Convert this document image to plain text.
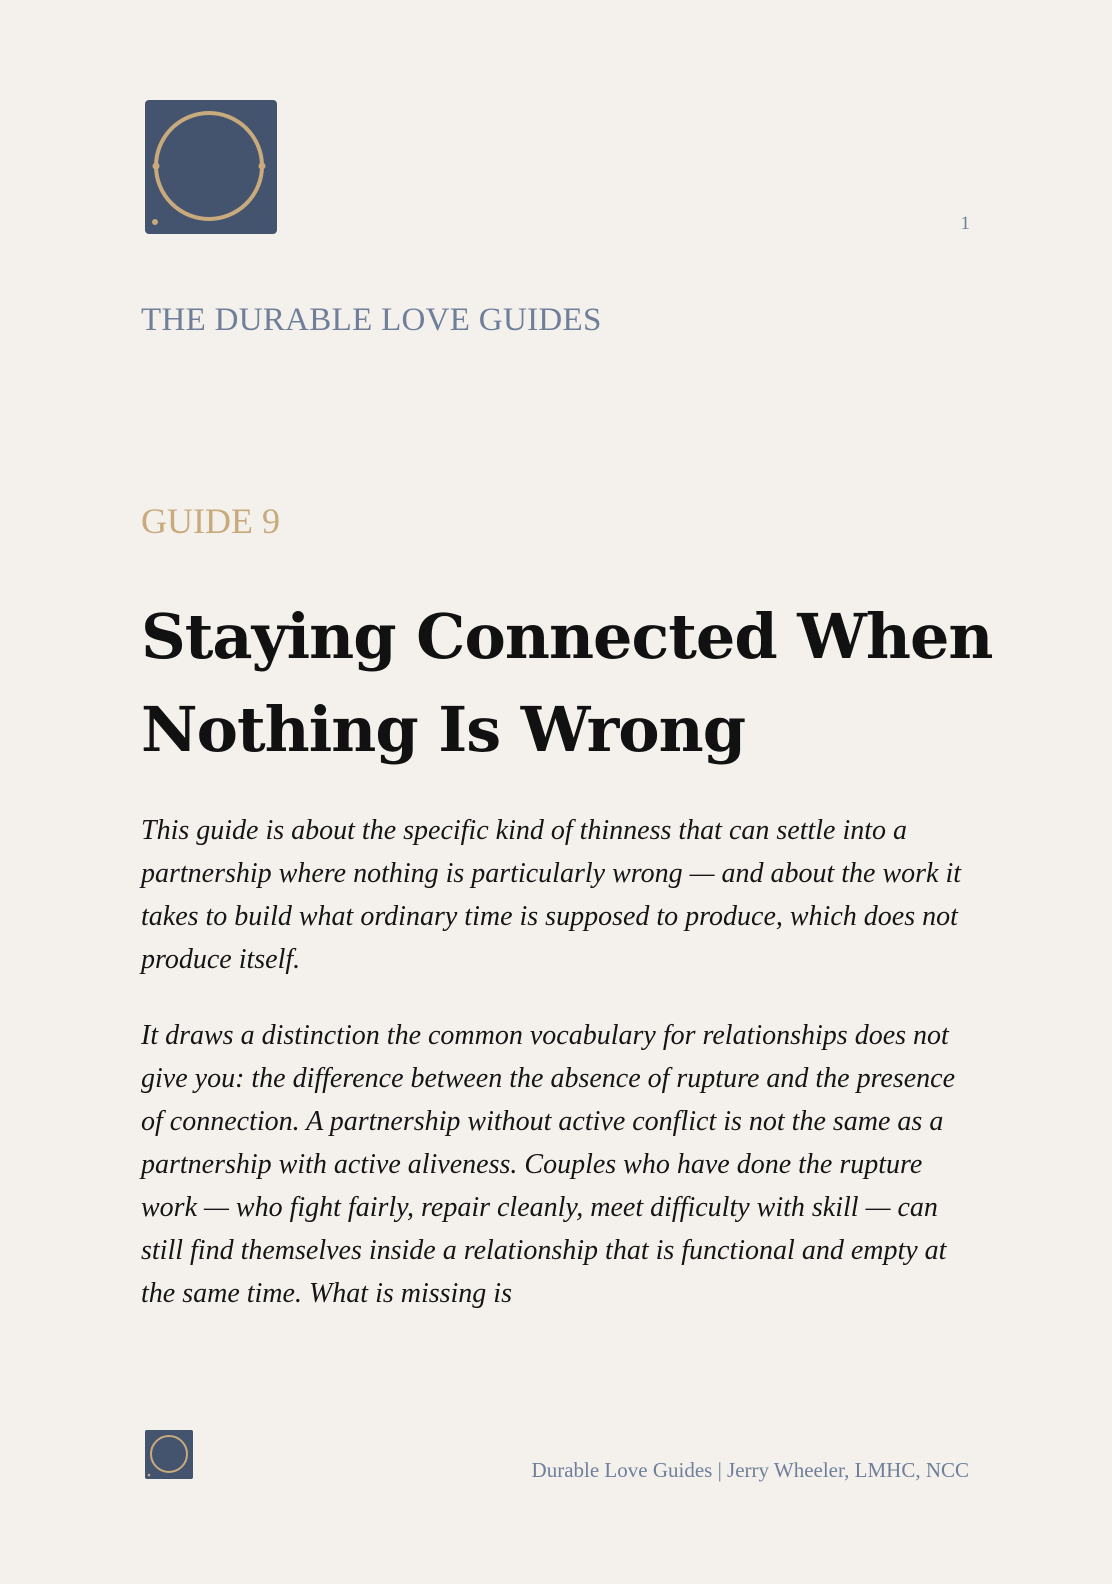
1
THE DURABLE LOVE GUIDES
GUIDE 9
Staying Connected When Nothing Is Wrong

This guide is about the specific kind of thinness that can settle into a partnership where nothing is particularly wrong — and about the work it takes to build what ordinary time is supposed to produce, which does not produce itself.

It draws a distinction the common vocabulary for relationships does not give you: the difference between the absence of rupture and the presence of connection. A partnership without active conflict is not the same as a partnership with active aliveness. Couples who have done the rupture work — who fight fairly, repair cleanly, meet difficulty with skill — can still find themselves inside a relationship that is functional and empty at the same time. What is missing is

Durable Love Guides | Jerry Wheeler, LMHC, NCC
